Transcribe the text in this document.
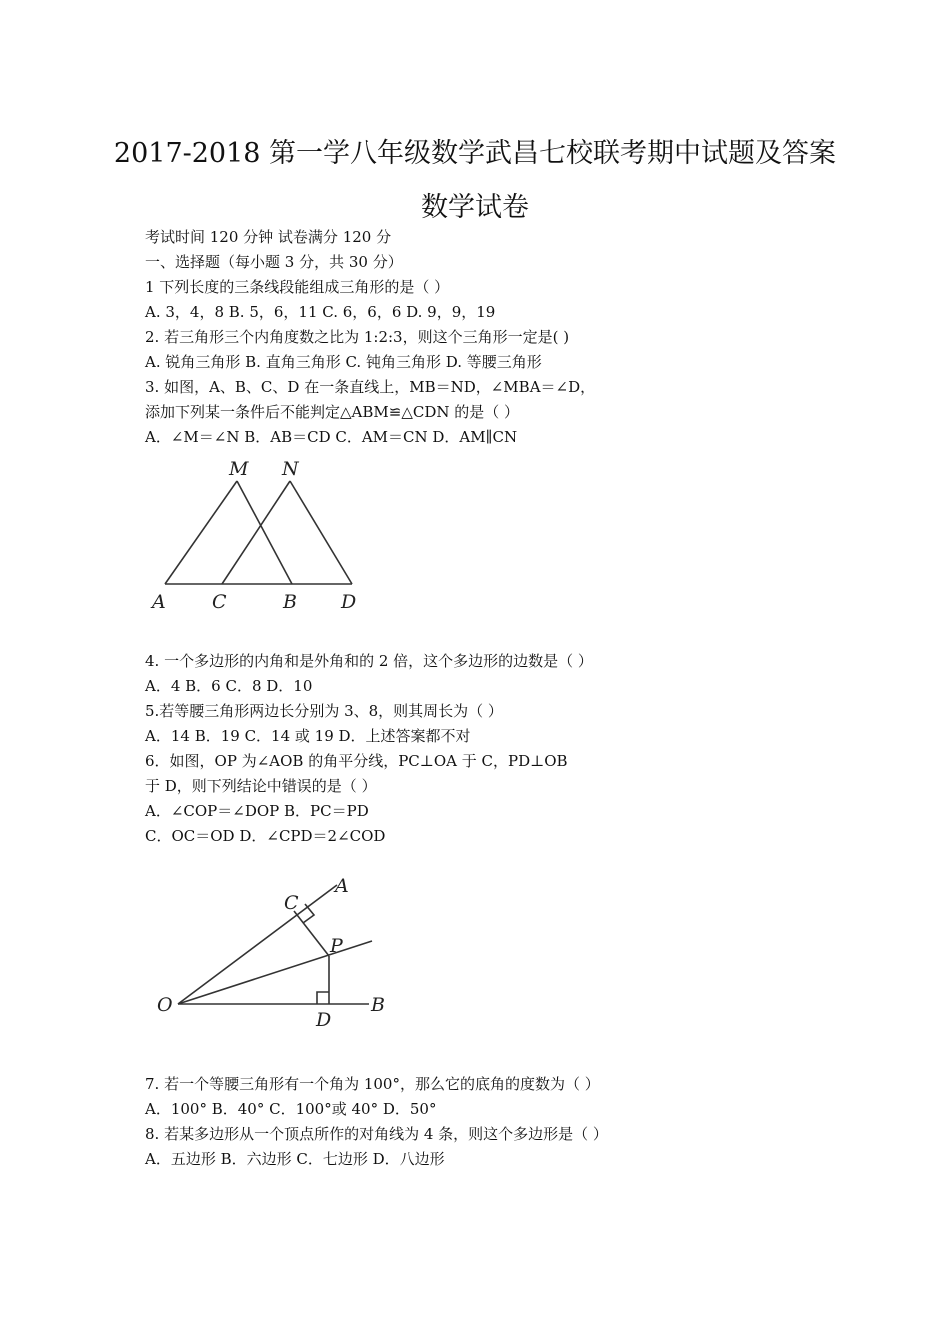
2017-2018 第一学八年级数学武昌七校联考期中试题及答案
数学试卷
考试时间 120 分钟 试卷满分 120 分
一、选择题（每小题 3 分，共 30 分）
1 下列长度的三条线段能组成三角形的是（ ）
A. 3，4，8 B. 5，6，11 C. 6，6，6 D. 9，9，19
2. 若三角形三个内角度数之比为 1:2:3，则这个三角形一定是( )
A. 锐角三角形 B. 直角三角形 C. 钝角三角形 D. 等腰三角形
3. 如图，A、B、C、D 在一条直线上，MB＝ND，∠MBA＝∠D，
添加下列某一条件后不能判定△ABM≌△CDN 的是（ ）
A．∠M＝∠N B．AB＝CD C．AM＝CN D．AM∥CN
M N
A C	B D
4. 一个多边形的内角和是外角和的 2 倍，这个多边形的边数是（ ）
A．4 B．6 C．8 D．10
5.若等腰三角形两边长分别为 3、8，则其周长为（ ）
A．14 B．19 C．14 或 19 D．上述答案都不对
6．如图，OP 为∠AOB 的角平分线，PC⊥OA 于 C，PD⊥OB
于 D，则下列结论中错误的是（ ）
A．∠COP＝∠DOP B．PC＝PD
C．OC＝OD D．∠CPD＝2∠COD
C
A
P
O
D
B
7. 若一个等腰三角形有一个角为 100°，那么它的底角的度数为（ ）
A．100° B．40° C．100°或 40° D．50°
8. 若某多边形从一个顶点所作的对角线为 4 条，则这个多边形是（ ）
A．五边形 B．六边形 C．七边形 D．八边形
